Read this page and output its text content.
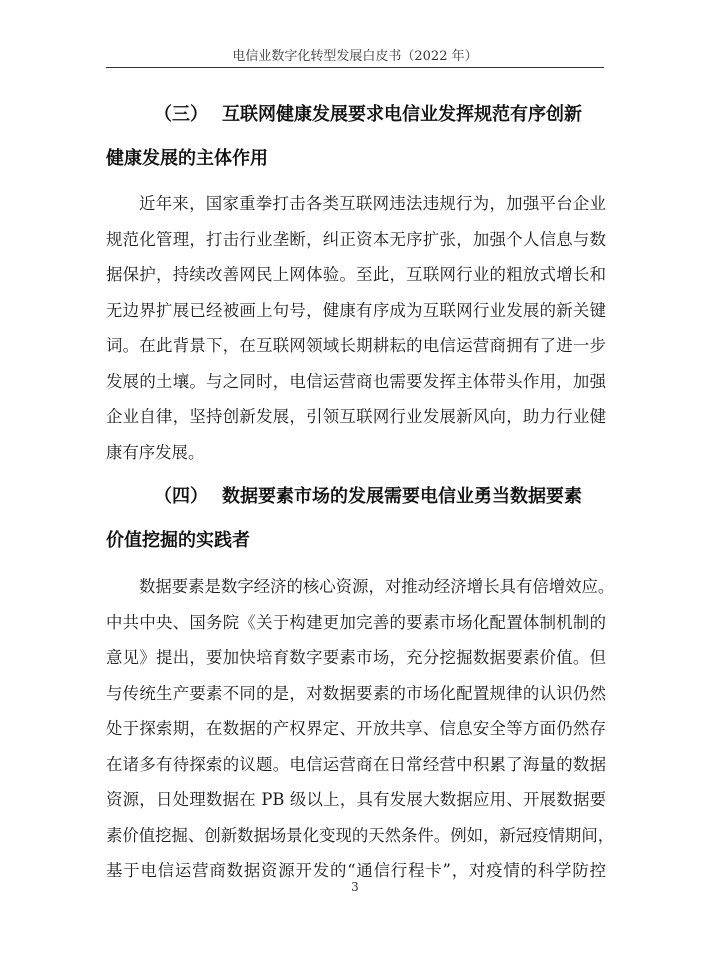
电信业数字化转型发展白皮书（2022 年）
（三） 互联网健康发展要求电信业发挥规范有序创新
健康发展的主体作用

近年来，国家重拳打击各类互联网违法违规行为，加强平台企业
规范化管理，打击行业垄断，纠正资本无序扩张，加强个人信息与数
据保护，持续改善网民上网体验。至此，互联网行业的粗放式增长和
无边界扩展已经被画上句号，健康有序成为互联网行业发展的新关键
词。在此背景下，在互联网领域长期耕耘的电信运营商拥有了进一步
发展的土壤。与之同时，电信运营商也需要发挥主体带头作用，加强
企业自律，坚持创新发展，引领互联网行业发展新风向，助力行业健
康有序发展。

（四） 数据要素市场的发展需要电信业勇当数据要素
价值挖掘的实践者

数据要素是数字经济的核心资源，对推动经济增长具有倍增效应。
中共中央、国务院《关于构建更加完善的要素市场化配置体制机制的
意见》提出，要加快培育数字要素市场，充分挖掘数据要素价值。但
与传统生产要素不同的是，对数据要素的市场化配置规律的认识仍然
处于探索期，在数据的产权界定、开放共享、信息安全等方面仍然存
在诸多有待探索的议题。电信运营商在日常经营中积累了海量的数据
资源，日处理数据在 PB 级以上，具有发展大数据应用、开展数据要
素价值挖掘、创新数据场景化变现的天然条件。例如，新冠疫情期间，
基于电信运营商数据资源开发的“通信行程卡”，对疫情的科学防控

3
